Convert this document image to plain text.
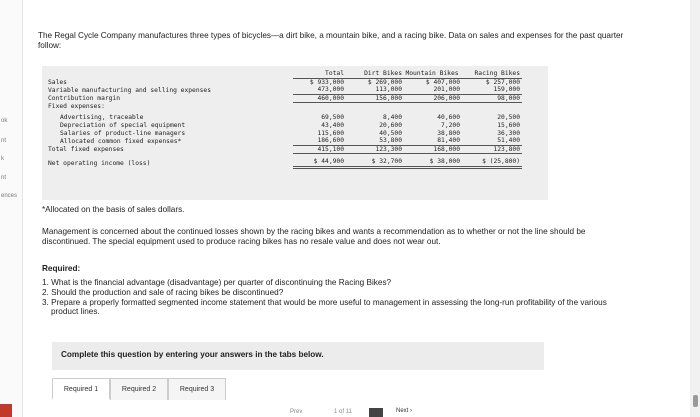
ok
nt
k
nt
ences
The Regal Cycle Company manufactures three types of bicycles—a dirt bike, a mountain bike, and a racing bike. Data on sales and expenses for the past quarter follow:
	Total	Dirt Bikes	Mountain Bikes	Racing Bikes
Sales	$ 933,000	$ 269,000	$ 407,000	$ 257,000
Variable manufacturing and selling expenses	473,000	113,000	201,000	159,000
Contribution margin	460,000	156,000	206,000	98,000
Fixed expenses:				

Advertising, traceable	69,500	8,400	40,600	20,500
Depreciation of special equipment	43,400	20,600	7,200	15,600
Salaries of product-line managers	115,600	40,500	38,800	36,300
Allocated common fixed expenses*	186,600	53,800	81,400	51,400
Total fixed expenses	415,100	123,300	168,000	123,800

Net operating income (loss)	$ 44,900	$ 32,700	$ 38,000	$ (25,800)
*Allocated on the basis of sales dollars.
Management is concerned about the continued losses shown by the racing bikes and wants a recommendation as to whether or not the line should be discontinued. The special equipment used to produce racing bikes has no resale value and does not wear out.
Required:
1. What is the financial advantage (disadvantage) per quarter of discontinuing the Racing Bikes?
2. Should the production and sale of racing bikes be discontinued?
3. Prepare a properly formatted segmented income statement that would be more useful to management in assessing the long-run profitability of the various product lines.
Complete this question by entering your answers in the tabs below.
Required 1	Required 2	Required 3
Prev	1 of 11	Next ›
